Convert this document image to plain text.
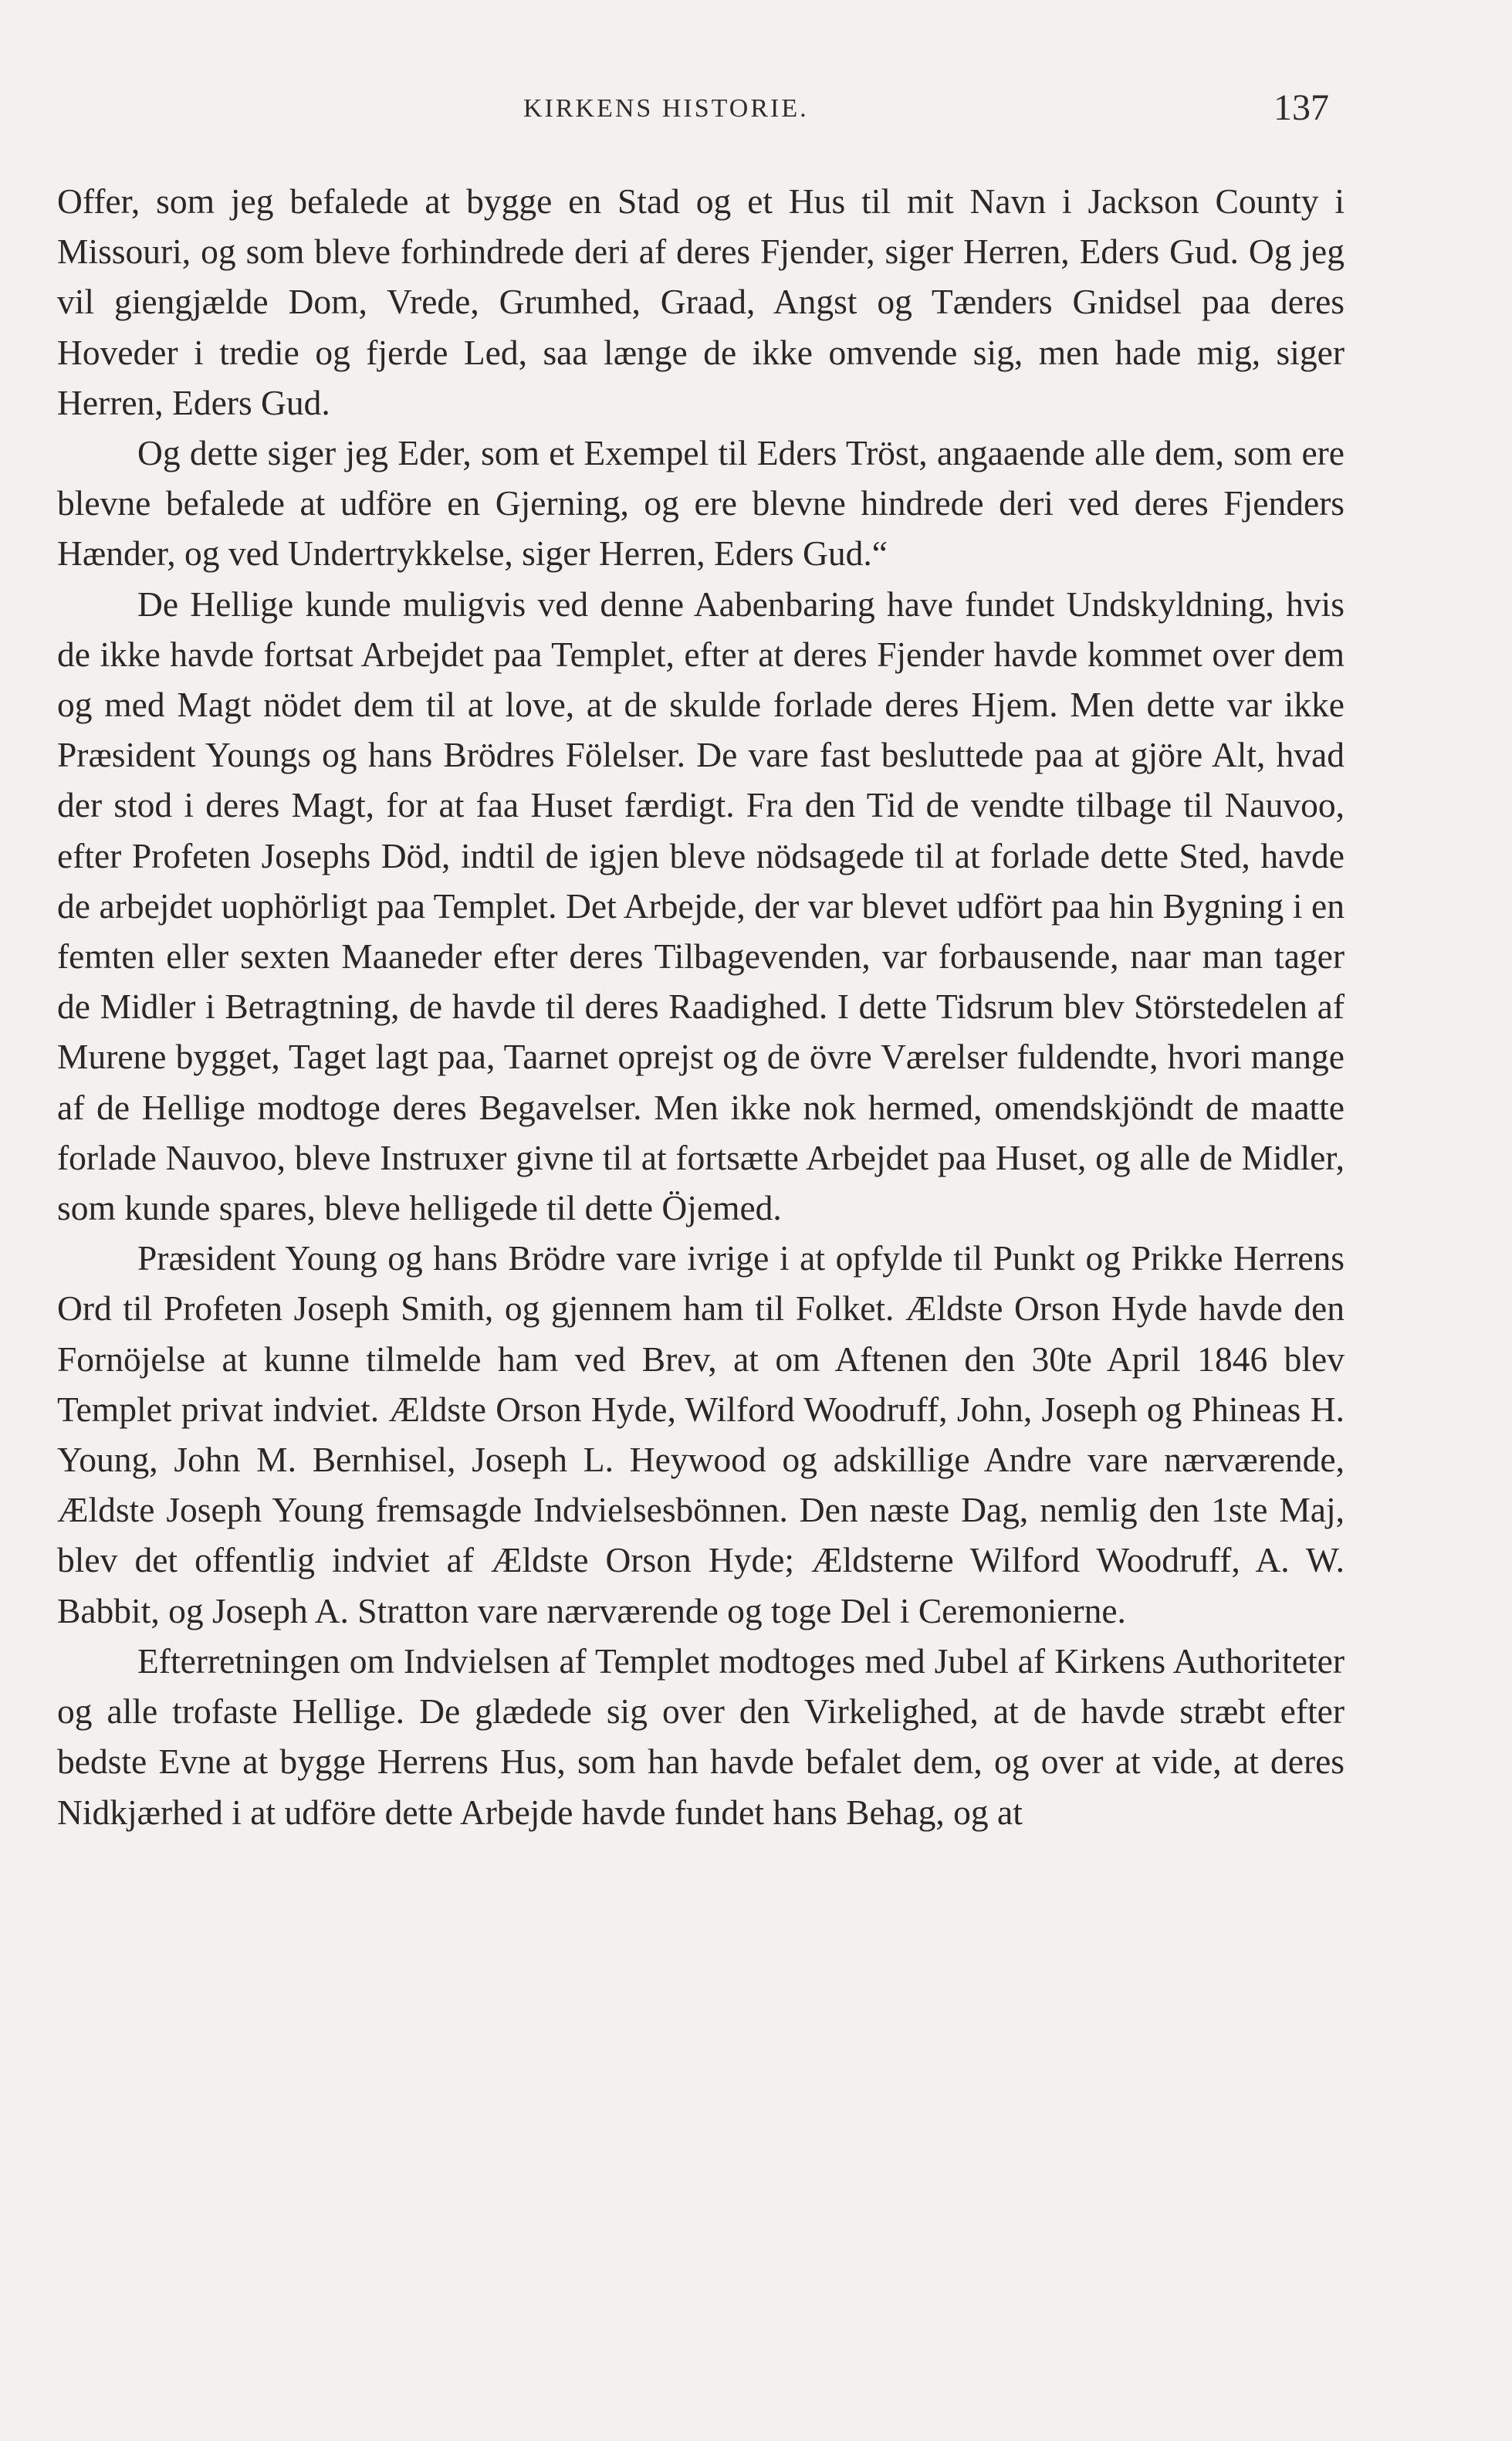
KIRKENS HISTORIE.	137

Offer, som jeg befalede at bygge en Stad og et Hus til mit Navn i Jackson County i Missouri, og som bleve forhindrede deri af deres Fjender, siger Herren, Eders Gud. Og jeg vil giengjælde Dom, Vrede, Grumhed, Graad, Angst og Tænders Gnidsel paa deres Hoveder i tredie og fjerde Led, saa længe de ikke omvende sig, men hade mig, siger Herren, Eders Gud.

Og dette siger jeg Eder, som et Exempel til Eders Tröst, angaaende alle dem, som ere blevne befalede at udföre en Gjerning, og ere blevne hindrede deri ved deres Fjenders Hænder, og ved Undertrykkelse, siger Herren, Eders Gud.“

De Hellige kunde muligvis ved denne Aabenbaring have fundet Undskyldning, hvis de ikke havde fortsat Arbejdet paa Templet, efter at deres Fjender havde kommet over dem og med Magt nödet dem til at love, at de skulde forlade deres Hjem. Men dette var ikke Præsident Youngs og hans Brödres Fölelser. De vare fast besluttede paa at gjöre Alt, hvad der stod i deres Magt, for at faa Huset færdigt. Fra den Tid de vendte tilbage til Nauvoo, efter Profeten Josephs Död, indtil de igjen bleve nödsagede til at forlade dette Sted, havde de arbejdet uophörligt paa Templet. Det Arbejde, der var blevet udfört paa hin Bygning i en femten eller sexten Maaneder efter deres Tilbagevenden, var forbausende, naar man tager de Midler i Betragtning, de havde til deres Raadighed. I dette Tidsrum blev Störstedelen af Murene bygget, Taget lagt paa, Taarnet oprejst og de övre Værelser fuldendte, hvori mange af de Hellige modtoge deres Begavelser. Men ikke nok hermed, omendskjöndt de maatte forlade Nauvoo, bleve Instruxer givne til at fortsætte Arbejdet paa Huset, og alle de Midler, som kunde spares, bleve helligede til dette Öjemed.

Præsident Young og hans Brödre vare ivrige i at opfylde til Punkt og Prikke Herrens Ord til Profeten Joseph Smith, og gjennem ham til Folket. Ældste Orson Hyde havde den Fornöjelse at kunne tilmelde ham ved Brev, at om Aftenen den 30te April 1846 blev Templet privat indviet. Ældste Orson Hyde, Wilford Woodruff, John, Joseph og Phineas H. Young, John M. Bernhisel, Joseph L. Heywood og adskillige Andre vare nærværende, Ældste Joseph Young fremsagde Indvielsesbönnen. Den næste Dag, nemlig den 1ste Maj, blev det offentlig indviet af Ældste Orson Hyde; Ældsterne Wilford Woodruff, A. W. Babbit, og Joseph A. Stratton vare nærværende og toge Del i Ceremonierne.

Efterretningen om Indvielsen af Templet modtoges med Jubel af Kirkens Authoriteter og alle trofaste Hellige. De glædede sig over den Virkelighed, at de havde stræbt efter bedste Evne at bygge Herrens Hus, som han havde befalet dem, og over at vide, at deres Nidkjærhed i at udföre dette Arbejde havde fundet hans Behag, og at
